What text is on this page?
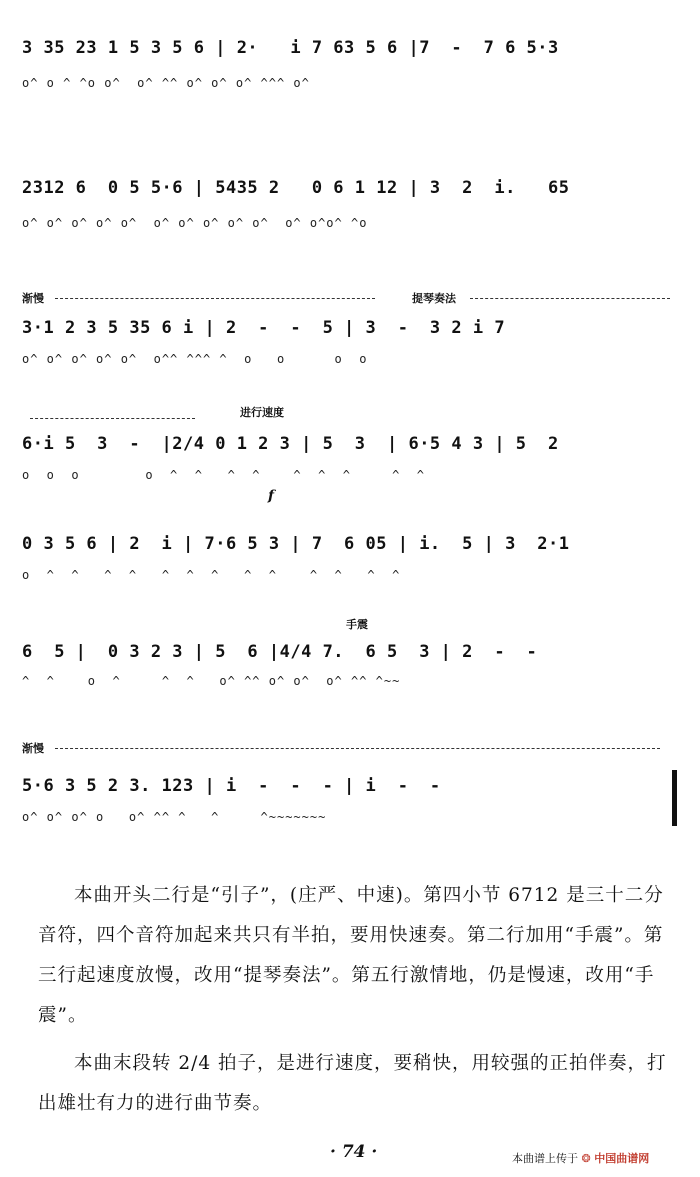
3 35 23 1 5 3 5 6 | 2·   i 7 63 5 6 |7  -  7 6 5·3
o^ o ^ ^o o^  o^ ^^ o^ o^ o^ ^^^ o^
2312 6  0 5 5·6 | 5435 2   0 6 1 12 | 3  2  i.   65
o^ o^ o^ o^ o^  o^ o^ o^ o^ o^  o^ o^o^ ^o
渐慢	提琴奏法
3·1 2 3 5 35 6 i | 2  -  -  5 | 3  -  3 2 i 7
o^ o^ o^ o^ o^  o^^ ^^^ ^  o   o      o  o
进行速度
6·i 5  3  -  |2/4 0 1 2 3 | 5  3  | 6·5 4 3 | 5  2
o  o  o        o  ^  ^   ^  ^    ^  ^  ^     ^  ^
f
0 3 5 6 | 2  i | 7·6 5 3 | 7  6 05 | i.  5 | 3  2·1
o  ^  ^   ^  ^   ^  ^  ^   ^  ^    ^  ^   ^  ^
手震
6  5 |  0 3 2 3 | 5  6 |4/4 7.  6 5  3 | 2  -  -
^  ^    o  ^     ^  ^   o^ ^^ o^ o^  o^ ^^ ^~~
渐慢
5·6 3 5 2 3. 123 | i  -  -  - | i  -  -
o^ o^ o^ o   o^ ^^ ^   ^     ^~~~~~~~

本曲开头二行是“引子”，(庄严、中速)。第四小节 6712 是三十二分音符，四个音符加起来共只有半拍，要用快速奏。第二行加用“手震”。第三行起速度放慢，改用“提琴奏法”。第五行激情地，仍是慢速，改用“手震”。

本曲末段转 2/4 拍子，是进行速度，要稍快，用较强的正拍伴奏，打出雄壮有力的进行曲节奏。

· 74 ·	本曲谱上传于 ❂ 中国曲谱网
